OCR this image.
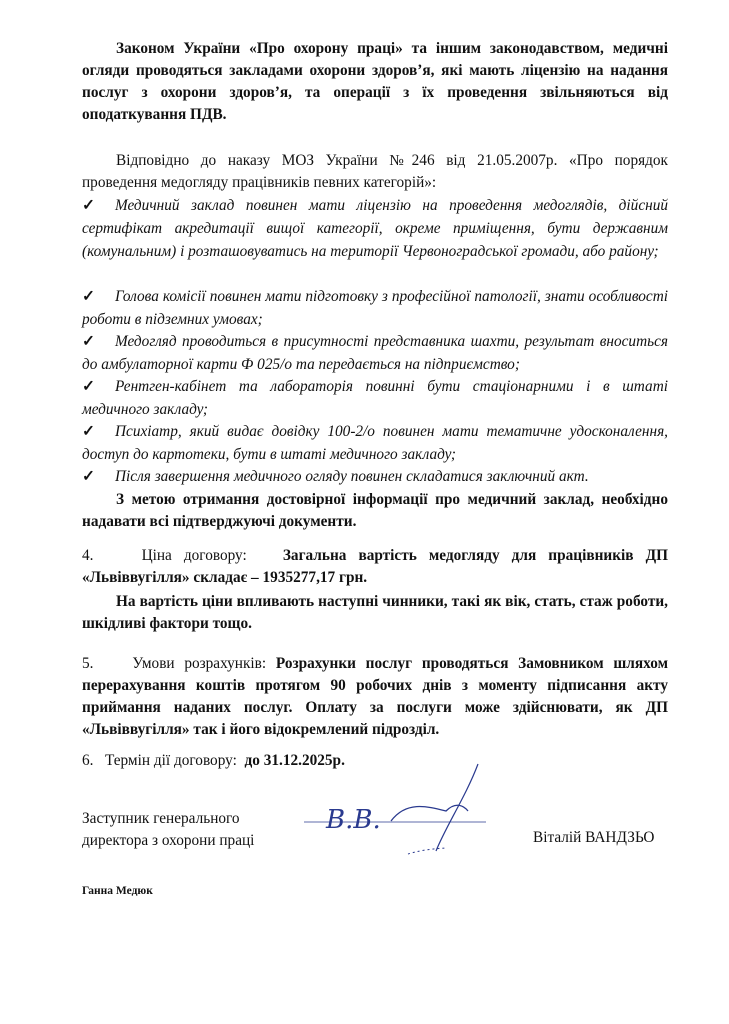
Законом України «Про охорону праці» та іншим законодавством, медичні огляди проводяться закладами охорони здоров’я, які мають ліцензію на надання послуг з охорони здоров’я, та операції з їх проведення звільняються від оподаткування ПДВ.

Відповідно до наказу МОЗ України №246 від 21.05.2007р. «Про порядок проведення медогляду працівників певних категорій»:

✓ Медичний заклад повинен мати ліцензію на проведення медоглядів, дійсний сертифікат акредитації вищої категорії, окреме приміщення, бути державним (комунальним) і розташовуватись на території Червоноградської громади, або району;

✓ Голова комісії повинен мати підготовку з професійної патології, знати особливості роботи в підземних умовах;

✓ Медогляд проводиться в присутності представника шахти, результат вноситься до амбулаторної карти Ф 025/о та передається на підприємство;

✓ Рентген-кабінет та лабораторія повинні бути стаціонарними і в штаті медичного закладу;

✓ Психіатр, який видає довідку 100-2/о повинен мати тематичне удосконалення, доступ до картотеки, бути в штаті медичного закладу;

✓ Після завершення медичного огляду повинен складатися заключний акт.

З метою отримання достовірної інформації про медичний заклад, необхідно надавати всі підтверджуючі документи.

4.    Ціна договору: Загальна вартість медогляду для працівників ДП «Львіввугілля» складає – 1935277,17 грн.

На вартість ціни впливають наступні чинники, такі як вік, стать, стаж роботи, шкідливі фактори тощо.

5.    Умови розрахунків: Розрахунки послуг проводяться Замовником шляхом перерахування коштів протягом 90 робочих днів з моменту підписання акту приймання наданих послуг. Оплату за послуги може здійснювати, як ДП «Львіввугілля» так і його відокремлений підрозділ.

6.   Термін дії договору: до 31.12.2025р.

Заступник генерального
директора з охорони праці
В.В.
Віталій ВАНДЗЬО
Ганна Медюк
